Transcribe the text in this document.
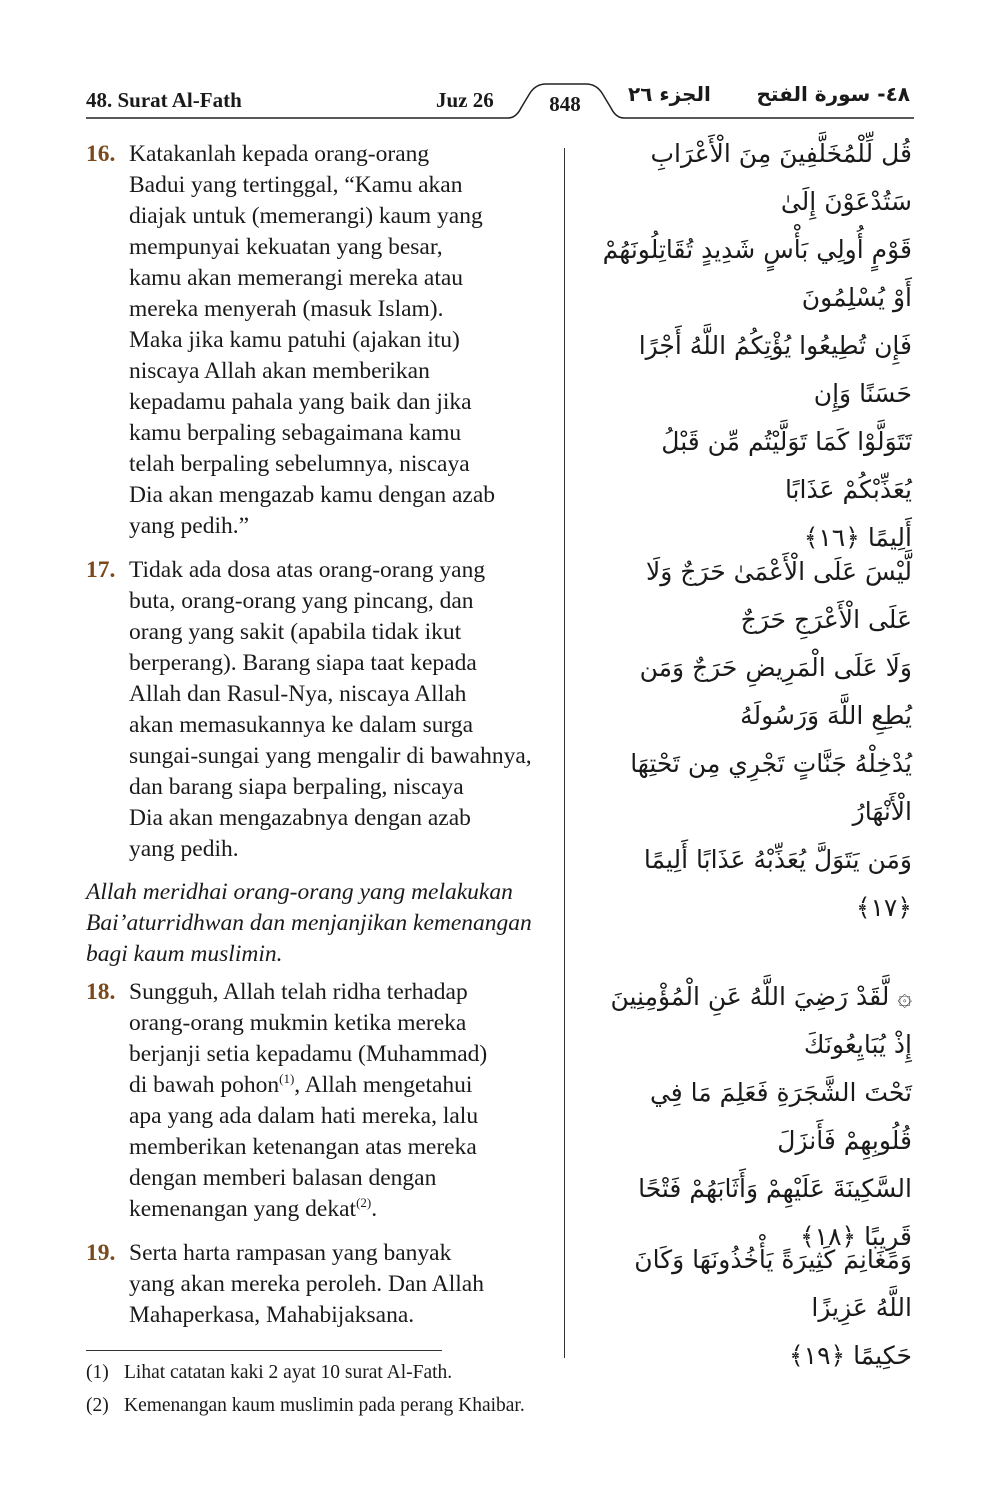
48. Surat Al-Fath	Juz 26	848	الجزء ٢٦ ٤٨- سورة الفتح
16. Katakanlah kepada orang-orang
Badui yang tertinggal, “Kamu akan
diajak untuk (memerangi) kaum yang
mempunyai kekuatan yang besar,
kamu akan memerangi mereka atau
mereka menyerah (masuk Islam).
Maka jika kamu patuhi (ajakan itu)
niscaya Allah akan memberikan
kepadamu pahala yang baik dan jika
kamu berpaling sebagaimana kamu
telah berpaling sebelumnya, niscaya
Dia akan mengazab kamu dengan azab
yang pedih.”
قُل لِّلْمُخَلَّفِينَ مِنَ الْأَعْرَابِ سَتُدْعَوْنَ إِلَىٰ
قَوْمٍ أُولِي بَأْسٍ شَدِيدٍ تُقَاتِلُونَهُمْ أَوْ يُسْلِمُونَ
فَإِن تُطِيعُوا يُؤْتِكُمُ اللَّهُ أَجْرًا حَسَنًا وَإِن
تَتَوَلَّوْا كَمَا تَوَلَّيْتُم مِّن قَبْلُ يُعَذِّبْكُمْ عَذَابًا
أَلِيمًا ﴿١٦﴾
17. Tidak ada dosa atas orang-orang yang
buta, orang-orang yang pincang, dan
orang yang sakit (apabila tidak ikut
berperang). Barang siapa taat kepada
Allah dan Rasul-Nya, niscaya Allah
akan memasukannya ke dalam surga
sungai-sungai yang mengalir di bawahnya,
dan barang siapa berpaling, niscaya
Dia akan mengazabnya dengan azab
yang pedih.
لَّيْسَ عَلَى الْأَعْمَىٰ حَرَجٌ وَلَا عَلَى الْأَعْرَجِ حَرَجٌ
وَلَا عَلَى الْمَرِيضِ حَرَجٌ وَمَن يُطِعِ اللَّهَ وَرَسُولَهُ
يُدْخِلْهُ جَنَّاتٍ تَجْرِي مِن تَحْتِهَا الْأَنْهَارُ
وَمَن يَتَوَلَّ يُعَذِّبْهُ عَذَابًا أَلِيمًا ﴿١٧﴾
Allah meridhai orang-orang yang melakukan
Bai’aturridhwan dan menjanjikan kemenangan
bagi kaum muslimin.
18. Sungguh, Allah telah ridha terhadap
orang-orang mukmin ketika mereka
berjanji setia kepadamu (Muhammad)
di bawah pohon$^{(1)}$, Allah mengetahui
apa yang ada dalam hati mereka, lalu
memberikan ketenangan atas mereka
dengan memberi balasan dengan
kemenangan yang dekat$^{(2)}$.
۞ لَّقَدْ رَضِيَ اللَّهُ عَنِ الْمُؤْمِنِينَ إِذْ يُبَايِعُونَكَ
تَحْتَ الشَّجَرَةِ فَعَلِمَ مَا فِي قُلُوبِهِمْ فَأَنزَلَ
السَّكِينَةَ عَلَيْهِمْ وَأَثَابَهُمْ فَتْحًا قَرِيبًا ﴿١٨﴾
19. Serta harta rampasan yang banyak
yang akan mereka peroleh. Dan Allah
Mahaperkasa, Mahabijaksana.
وَمَغَانِمَ كَثِيرَةً يَأْخُذُونَهَا وَكَانَ اللَّهُ عَزِيزًا
حَكِيمًا ﴿١٩﴾
(1) Lihat catatan kaki 2 ayat 10 surat Al-Fath.
(2) Kemenangan kaum muslimin pada perang Khaibar.
